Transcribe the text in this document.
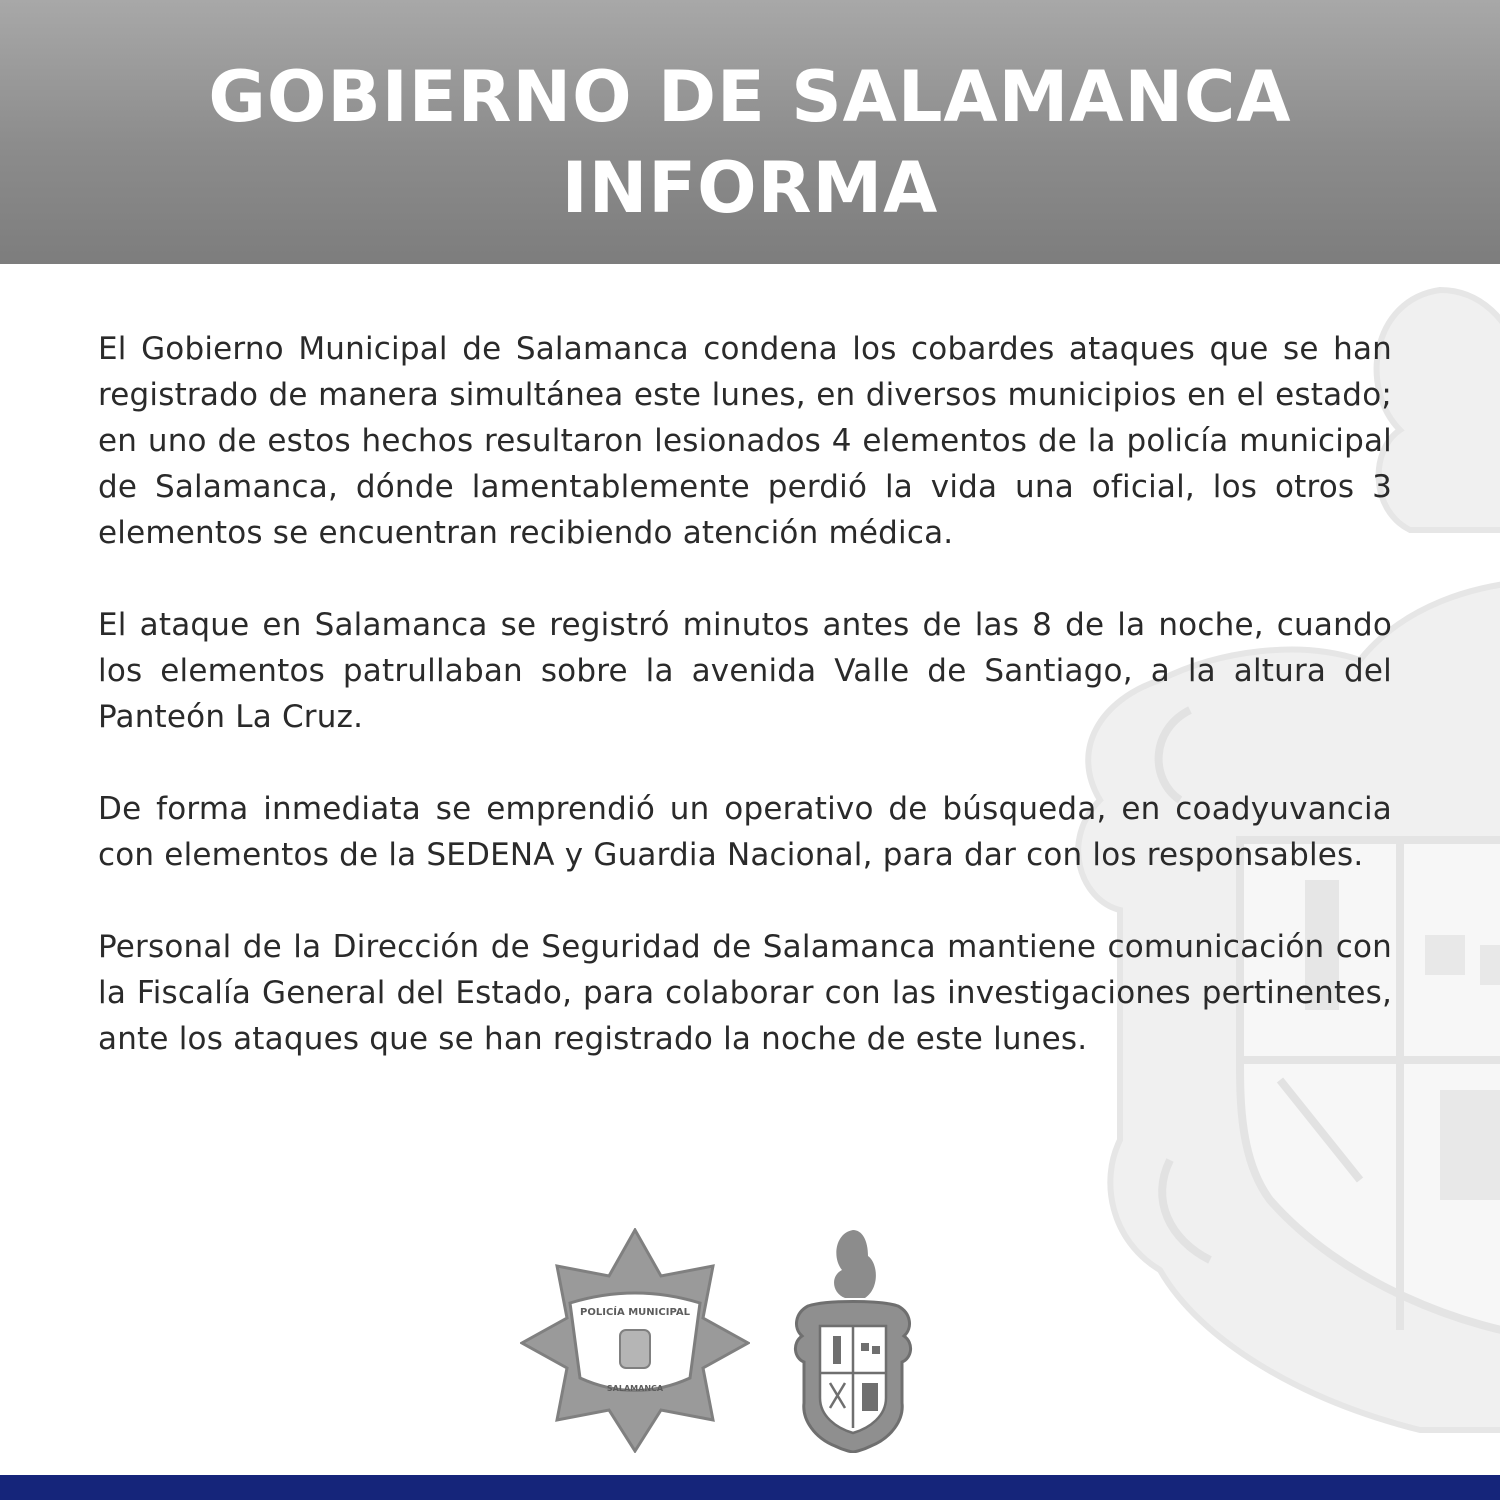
GOBIERNO DE SALAMANCA
INFORMA

El Gobierno Municipal de Salamanca condena los cobardes ataques que se han registrado de manera simultánea este lunes, en diversos municipios en el estado; en uno de estos hechos resultaron lesionados 4 elementos de la policía municipal de Salamanca, dónde lamentablemente perdió la vida una oficial, los otros 3 elementos se encuentran recibiendo atención médica.

El ataque en Salamanca se registró minutos antes de las 8 de la noche, cuando los elementos patrullaban sobre la avenida Valle de Santiago, a la altura del Panteón La Cruz.

De forma inmediata se emprendió un operativo de búsqueda, en coadyuvancia con elementos de la SEDENA y Guardia Nacional, para dar con los responsables.

Personal de la Dirección de Seguridad de Salamanca mantiene comunicación con la Fiscalía General del Estado, para colaborar con las investigaciones pertinentes, ante los ataques que se han registrado la noche de este lunes.

POLICÍA MUNICIPAL
SALAMANCA
